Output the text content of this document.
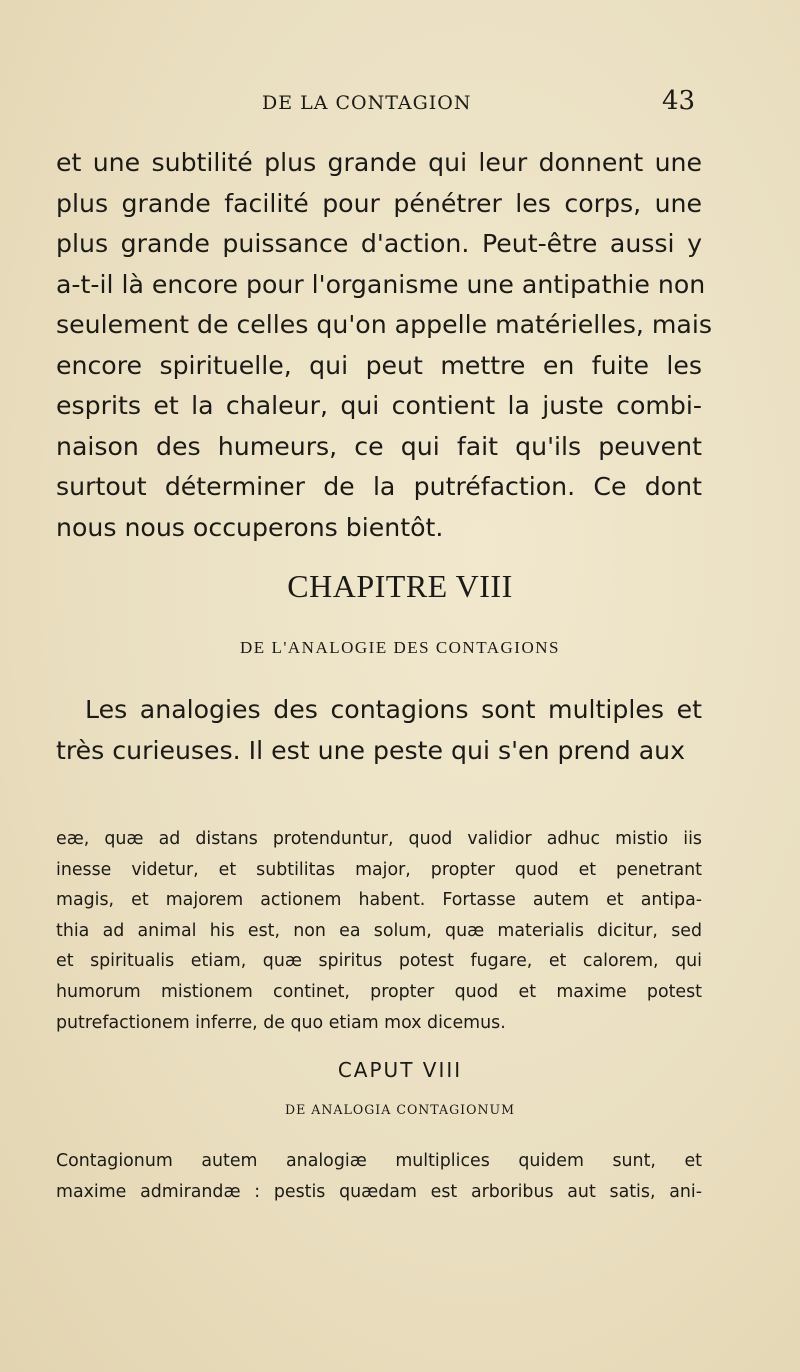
DE LA CONTAGION	43
et une subtilité plus grande qui leur donnent une
plus grande facilité pour pénétrer les corps, une
plus grande puissance d'action. Peut-être aussi y
a-t-il là encore pour l'organisme une antipathie non
seulement de celles qu'on appelle matérielles, mais
encore spirituelle, qui peut mettre en fuite les
esprits et la chaleur, qui contient la juste combi-
naison des humeurs, ce qui fait qu'ils peuvent
surtout déterminer de la putréfaction. Ce dont
nous nous occuperons bientôt.
CHAPITRE VIII
DE L'ANALOGIE DES CONTAGIONS
Les analogies des contagions sont multiples et
très curieuses. Il est une peste qui s'en prend aux
eæ, quæ ad distans protenduntur, quod validior adhuc mistio iis
inesse videtur, et subtilitas major, propter quod et penetrant
magis, et majorem actionem habent. Fortasse autem et antipa-
thia ad animal his est, non ea solum, quæ materialis dicitur, sed
et spiritualis etiam, quæ spiritus potest fugare, et calorem, qui
humorum mistionem continet, propter quod et maxime potest
putrefactionem inferre, de quo etiam mox dicemus.
CAPUT VIII
DE ANALOGIA CONTAGIONUM
Contagionum autem analogiæ multiplices quidem sunt, et
maxime admirandæ : pestis quædam est arboribus aut satis, ani-
